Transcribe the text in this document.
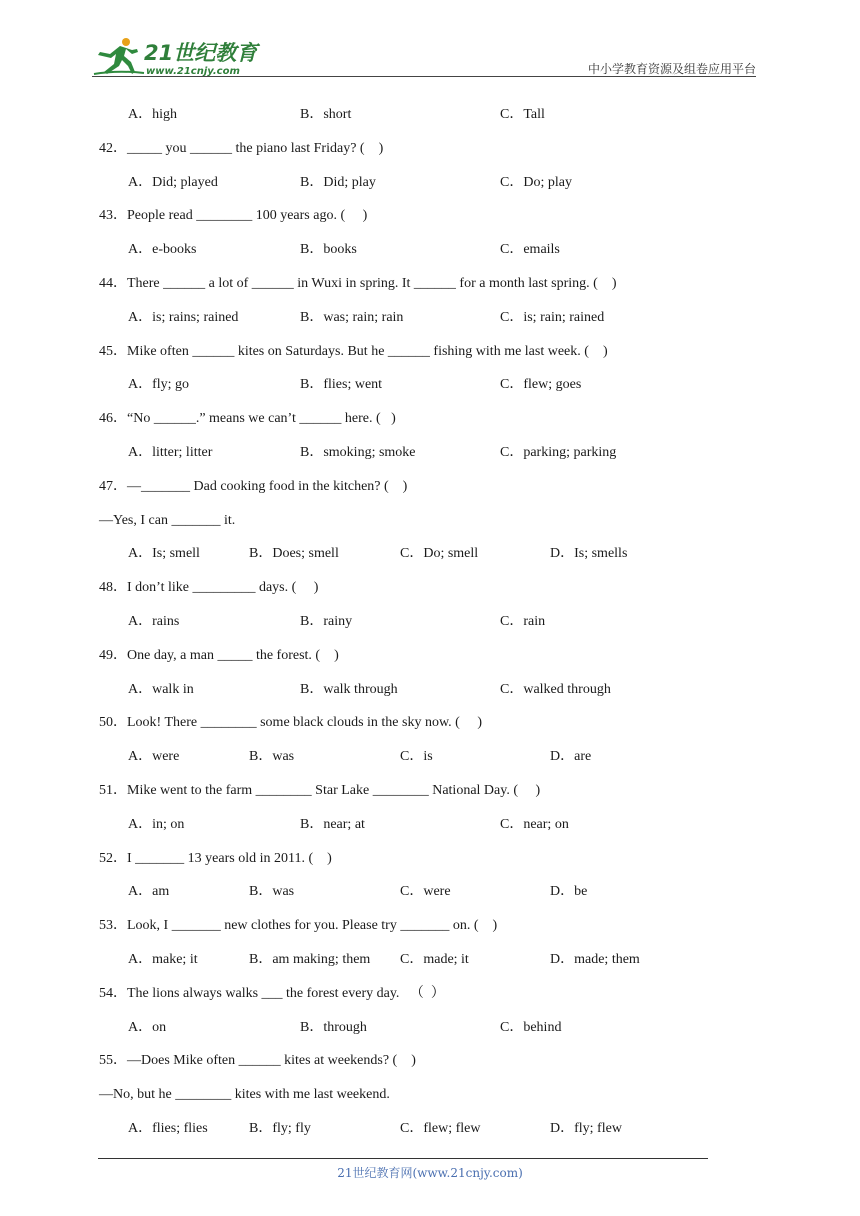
21世纪教育
www.21cnjy.com	中小学教育资源及组卷应用平台
A．high	B．short	C．Tall
42．_____ you ______ the piano last Friday? (    )
A．Did; played	B．Did; play	C．Do; play
43．People read ________ 100 years ago. (     )
A．e-books	B．books	C．emails
44．There ______ a lot of ______ in Wuxi in spring. It ______ for a month last spring. (    )
A．is; rains; rained	B．was; rain; rain	C．is; rain; rained
45．Mike often ______ kites on Saturdays. But he ______ fishing with me last week. (    )
A．fly; go	B．flies; went	C．flew; goes
46．“No ______.” means we can’t ______ here. (   )
A．litter; litter	B．smoking; smoke	C．parking; parking
47．—_______ Dad cooking food in the kitchen? (    )
—Yes, I can _______ it.
A．Is; smell	B．Does; smell	C．Do; smell	D．Is; smells
48．I don’t like _________ days. (     )
A．rains	B．rainy	C．rain
49．One day, a man _____ the forest. (    )
A．walk in	B．walk through	C．walked through
50．Look! There ________ some black clouds in the sky now. (     )
A．were	B．was	C．is	D．are
51．Mike went to the farm ________ Star Lake ________ National Day. (     )
A．in; on	B．near; at	C．near; on
52．I _______ 13 years old in 2011. (    )
A．am	B．was	C．were	D．be
53．Look, I _______ new clothes for you. Please try _______ on. (    )
A．make; it	B．am making; them C．made; it	D．made; them
54．The lions always walks ___ the forest every day.   （  ）
A．on	B．through	C．behind
55．—Does Mike often ______ kites at weekends? (    )
—No, but he ________ kites with me last weekend.
A．flies; flies	B．fly; fly	C．flew; flew	D．fly; flew
21世纪教育网(www.21cnjy.com)
